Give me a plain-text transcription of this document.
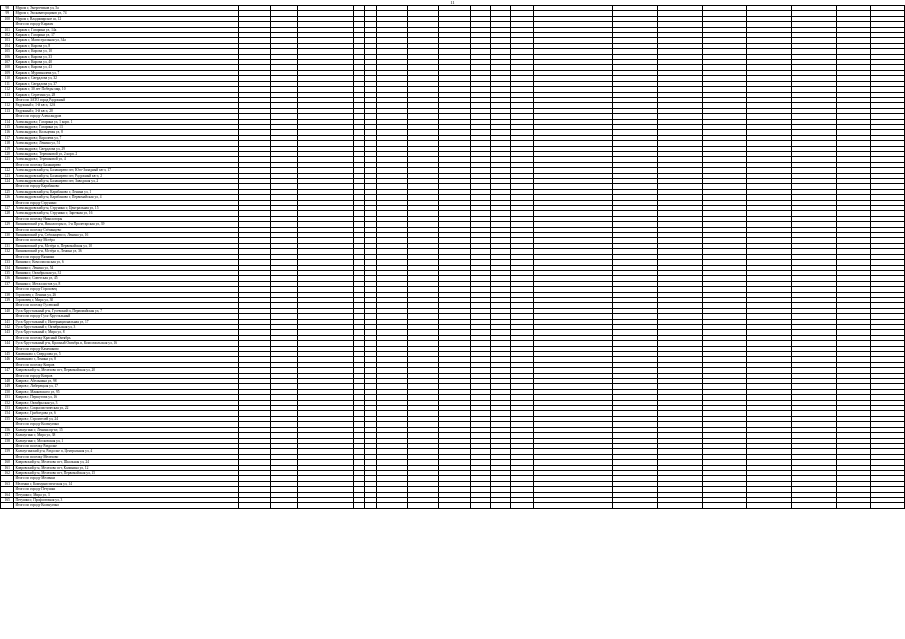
11
98	Муром г, Энергетиков ул, 5а																			
99	Муром г, Экскаваторщиков ул, 74																			
100	Муром г, Владимирское ш, 12																			
	Итого по городу Киржач																			
101	Киржач г, Гагарина ул, 14а																			
102	Киржач г, Гагарина ул, 17																			
103	Киржач г, Магистральная ул, 34а																			
104	Киржач г, Кирова ул, 8																			
105	Киржач г, Кирова ул, 10																			
106	Киржач г, Кирова ул, 33																			
107	Киржач г, Кирова ул, 40																			
108	Киржач г, Кирова ул, 43																			
109	Киржач г, Мургиналева ул, 7																			
110	Киржач г, Свердлова ул, 32																			
111	Киржач г, Свердлова ул, 37																			
112	Киржач г, 30 лет Победы мкр, 10																			
113	Киржач г, Серегина ул, 28																			
	Итого по ЗАТО город Радужный																			
112	Радужный г, 1-й кв-л, 12А																			
113	Радужный г, 3-й кв-л, 20																			
	Итого по городу Александров																			
114	Александров г, Гагарина ул, 1 корп. 1																			
115	Александров г, Гагарина ул, 13																			
116	Александров г, Кольцевая ул, 8																			
117	Александров г, Королева ул, 7																			
118	Александров г, Ленина ул, 51																			
119	Александров г, Свердлова ул, 29																			
120	Александров г, Терешковой ул, 2 корп. 2																			
121	Александров г, Терешковой ул, 4																			
	Итого по поселку Балакирево																			
122	Александровский р-н, Балакирево пгт, Юго-Западный кв-л, 17																			
123	Александровский р-н, Балакирево пгт, Радужный кв-л, 2																			
124	Александровский р-н, Балакирево пгт, Заводская ул, 2																			
	Итого по городу Карабаново																			
125	Александровский р-н, Карабаново г, Ленина ул, 1																			
126	Александровский р-н, Карабаново г, Первомайская ул, 4																			
	Итого по городу Струнино																			
127	Александровский р-н, Струнино г, Центральная ул, 15																			
128	Александровский р-н, Струнино г, Заречная ул, 16																			
	Итого по поселку Никологоры																			
129	Вязниковский р-н, Никологоры п, 1-я Пролетарская ул, 39																			
	Итого по поселку Стёпанцево																			
130	Вязниковский р-н, Стёпанцево п, Ленина ул, 16																			
	Итого по поселку Мстёра																			
131	Вязниковский р-н, Мстёра п, Первомайская ул, 10																			
132	Вязниковский р-н, Мстёра п, Ленина ул, 36																			
	Итого по городу Вязники																			
133	Вязники г, Комсомольская ул, 6																			
134	Вязники г, Ленина ул, 54																			
135	Вязники г, Октябрьская ул, 31																			
136	Вязники г, Советская ул, 45																			
137	Вязники г, Металлистов ул, 8																			
	Итого по городу Гороховец																			
138	Гороховец г, Ленина ул, 26																			
139	Гороховец г, Мира ул, 30																			
	Итого по поселку Гусевский																			
140	Гусь-Хрустальный р-н, Гусевский п, Первомайская ул, 7																			
	Итого по городу Гусь-Хрустальный																			
141	Гусь-Хрустальный г, Интернациональная ул, 17																			
142	Гусь-Хрустальный г, Октябрьская ул, 3																			
143	Гусь-Хрустальный г, Мира ул, 8																			
	Итого по поселку Красный Октябрь																			
144	Гусь-Хрустальный р-н, Красный Октябрь п, Комсомольская ул, 16																			
	Итого по городу Камешково																			
145	Камешково г, Свердлова ул, 5																			
146	Камешково г, Ленина ул, 8																			
	Итого по поселку Ковров																			
147	Ковровский р-н, Мелехово пгт, Первомайская ул, 20																			
	Итого по городу Ковров																			
148	Ковров г, Абельмана ул, 98																			
149	Ковров г, Либерецкая ул, 17																			
150	Ковров г, Маяковского ул, 95																			
151	Ковров г, Першутова ул, 16																			
152	Ковров г, Октябрьская ул, 3																			
153	Ковров г, Социалистическая ул, 22																			
154	Ковров г, Грибоедова ул, 6																			
155	Ковров г, Строителей ул, 24																			
	Итого по городу Кольчугино																			
156	Кольчугино г, Ленина пр-кт, 15																			
157	Кольчугино г, Мира ул, 38																			
158	Кольчугино г, Московская ул, 1																			
	Итого по поселку Раздолье																			
159	Кольчугинский р-н, Раздолье п, Центральная ул, 4																			
	Итого по поселку Мелехово																			
160	Ковровский р-н, Мелехово пгт, Школьная ул, 24																			
161	Ковровский р-н, Мелехово пгт, Калинина ул, 12																			
162	Ковровский р-н, Мелехово пгт, Первомайская ул, 15																			
	Итого по городу Меленки																			
163	Меленки г, Коммунистическая ул, 14																			
	Итого по городу Петушки																			
164	Петушки г, Мира ул, 3																			
165	Петушки г, Профсоюзная ул, 3																			
	Итого по городу Кольчугино																			
